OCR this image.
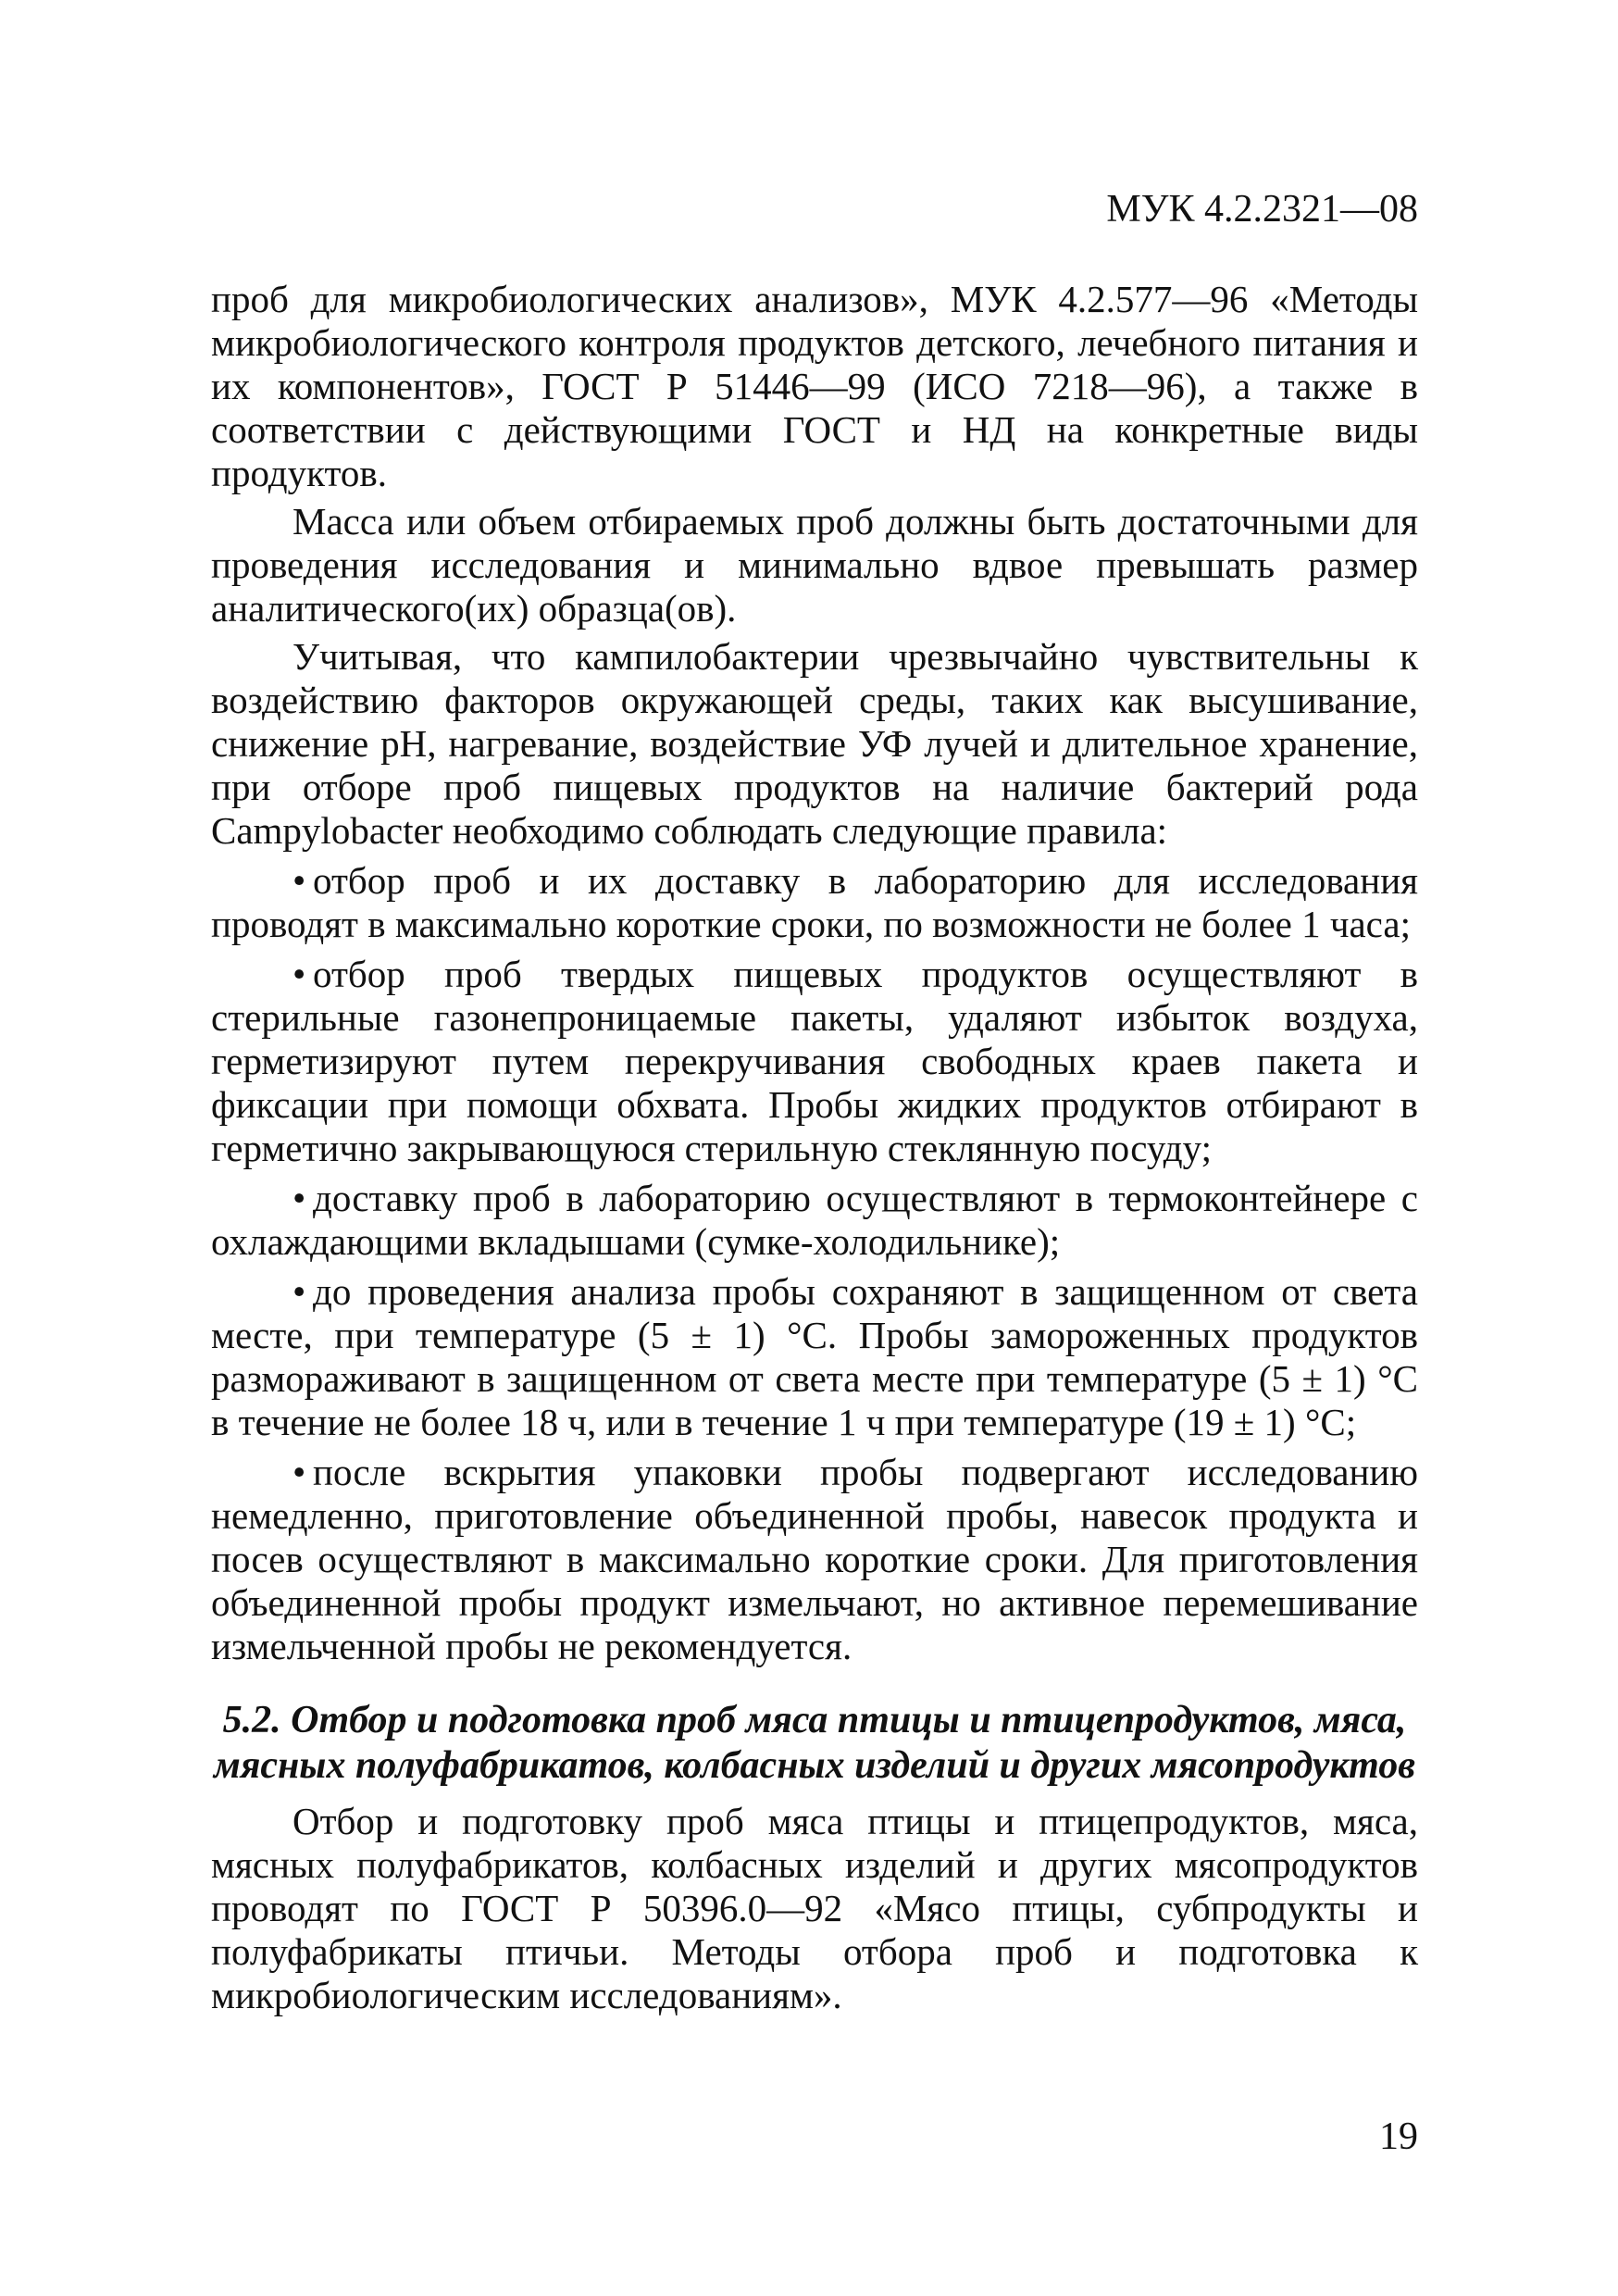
МУК 4.2.2321—08

проб для микробиологических анализов», МУК 4.2.577—96 «Методы микробиологического контроля продуктов детского, лечебного питания и их компонентов», ГОСТ Р 51446—99 (ИСО 7218—96), а также в соответствии с действующими ГОСТ и НД на конкретные виды продуктов.

Масса или объем отбираемых проб должны быть достаточными для проведения исследования и минимально вдвое превышать размер аналитического(их) образца(ов).

Учитывая, что кампилобактерии чрезвычайно чувствительны к воздействию факторов окружающей среды, таких как высушивание, снижение pH, нагревание, воздействие УФ лучей и длительное хранение, при отборе проб пищевых продуктов на наличие бактерий рода Campylobacter необходимо соблюдать следующие правила:

• отбор проб и их доставку в лабораторию для исследования проводят в максимально короткие сроки, по возможности не более 1 часа;

• отбор проб твердых пищевых продуктов осуществляют в стерильные газонепроницаемые пакеты, удаляют избыток воздуха, герметизируют путем перекручивания свободных краев пакета и фиксации при помощи обхвата. Пробы жидких продуктов отбирают в герметично закрывающуюся стерильную стеклянную посуду;

• доставку проб в лабораторию осуществляют в термоконтейнере с охлаждающими вкладышами (сумке-холодильнике);

• до проведения анализа пробы сохраняют в защищенном от света месте, при температуре (5 ± 1) °С. Пробы замороженных продуктов размораживают в защищенном от света месте при температуре (5 ± 1) °С в течение не более 18 ч, или в течение 1 ч при температуре (19 ± 1) °С;

• после вскрытия упаковки пробы подвергают исследованию немедленно, приготовление объединенной пробы, навесок продукта и посев осуществляют в максимально короткие сроки. Для приготовления объединенной пробы продукт измельчают, но активное перемешивание измельченной пробы не рекомендуется.

5.2. Отбор и подготовка проб мяса птицы и птицепродуктов, мяса,
мясных полуфабрикатов, колбасных изделий и других мясопродуктов

Отбор и подготовку проб мяса птицы и птицепродуктов, мяса, мясных полуфабрикатов, колбасных изделий и других мясопродуктов проводят по ГОСТ Р 50396.0—92 «Мясо птицы, субпродукты и полуфабрикаты птичьи. Методы отбора проб и подготовка к микробиологическим исследованиям».

19
